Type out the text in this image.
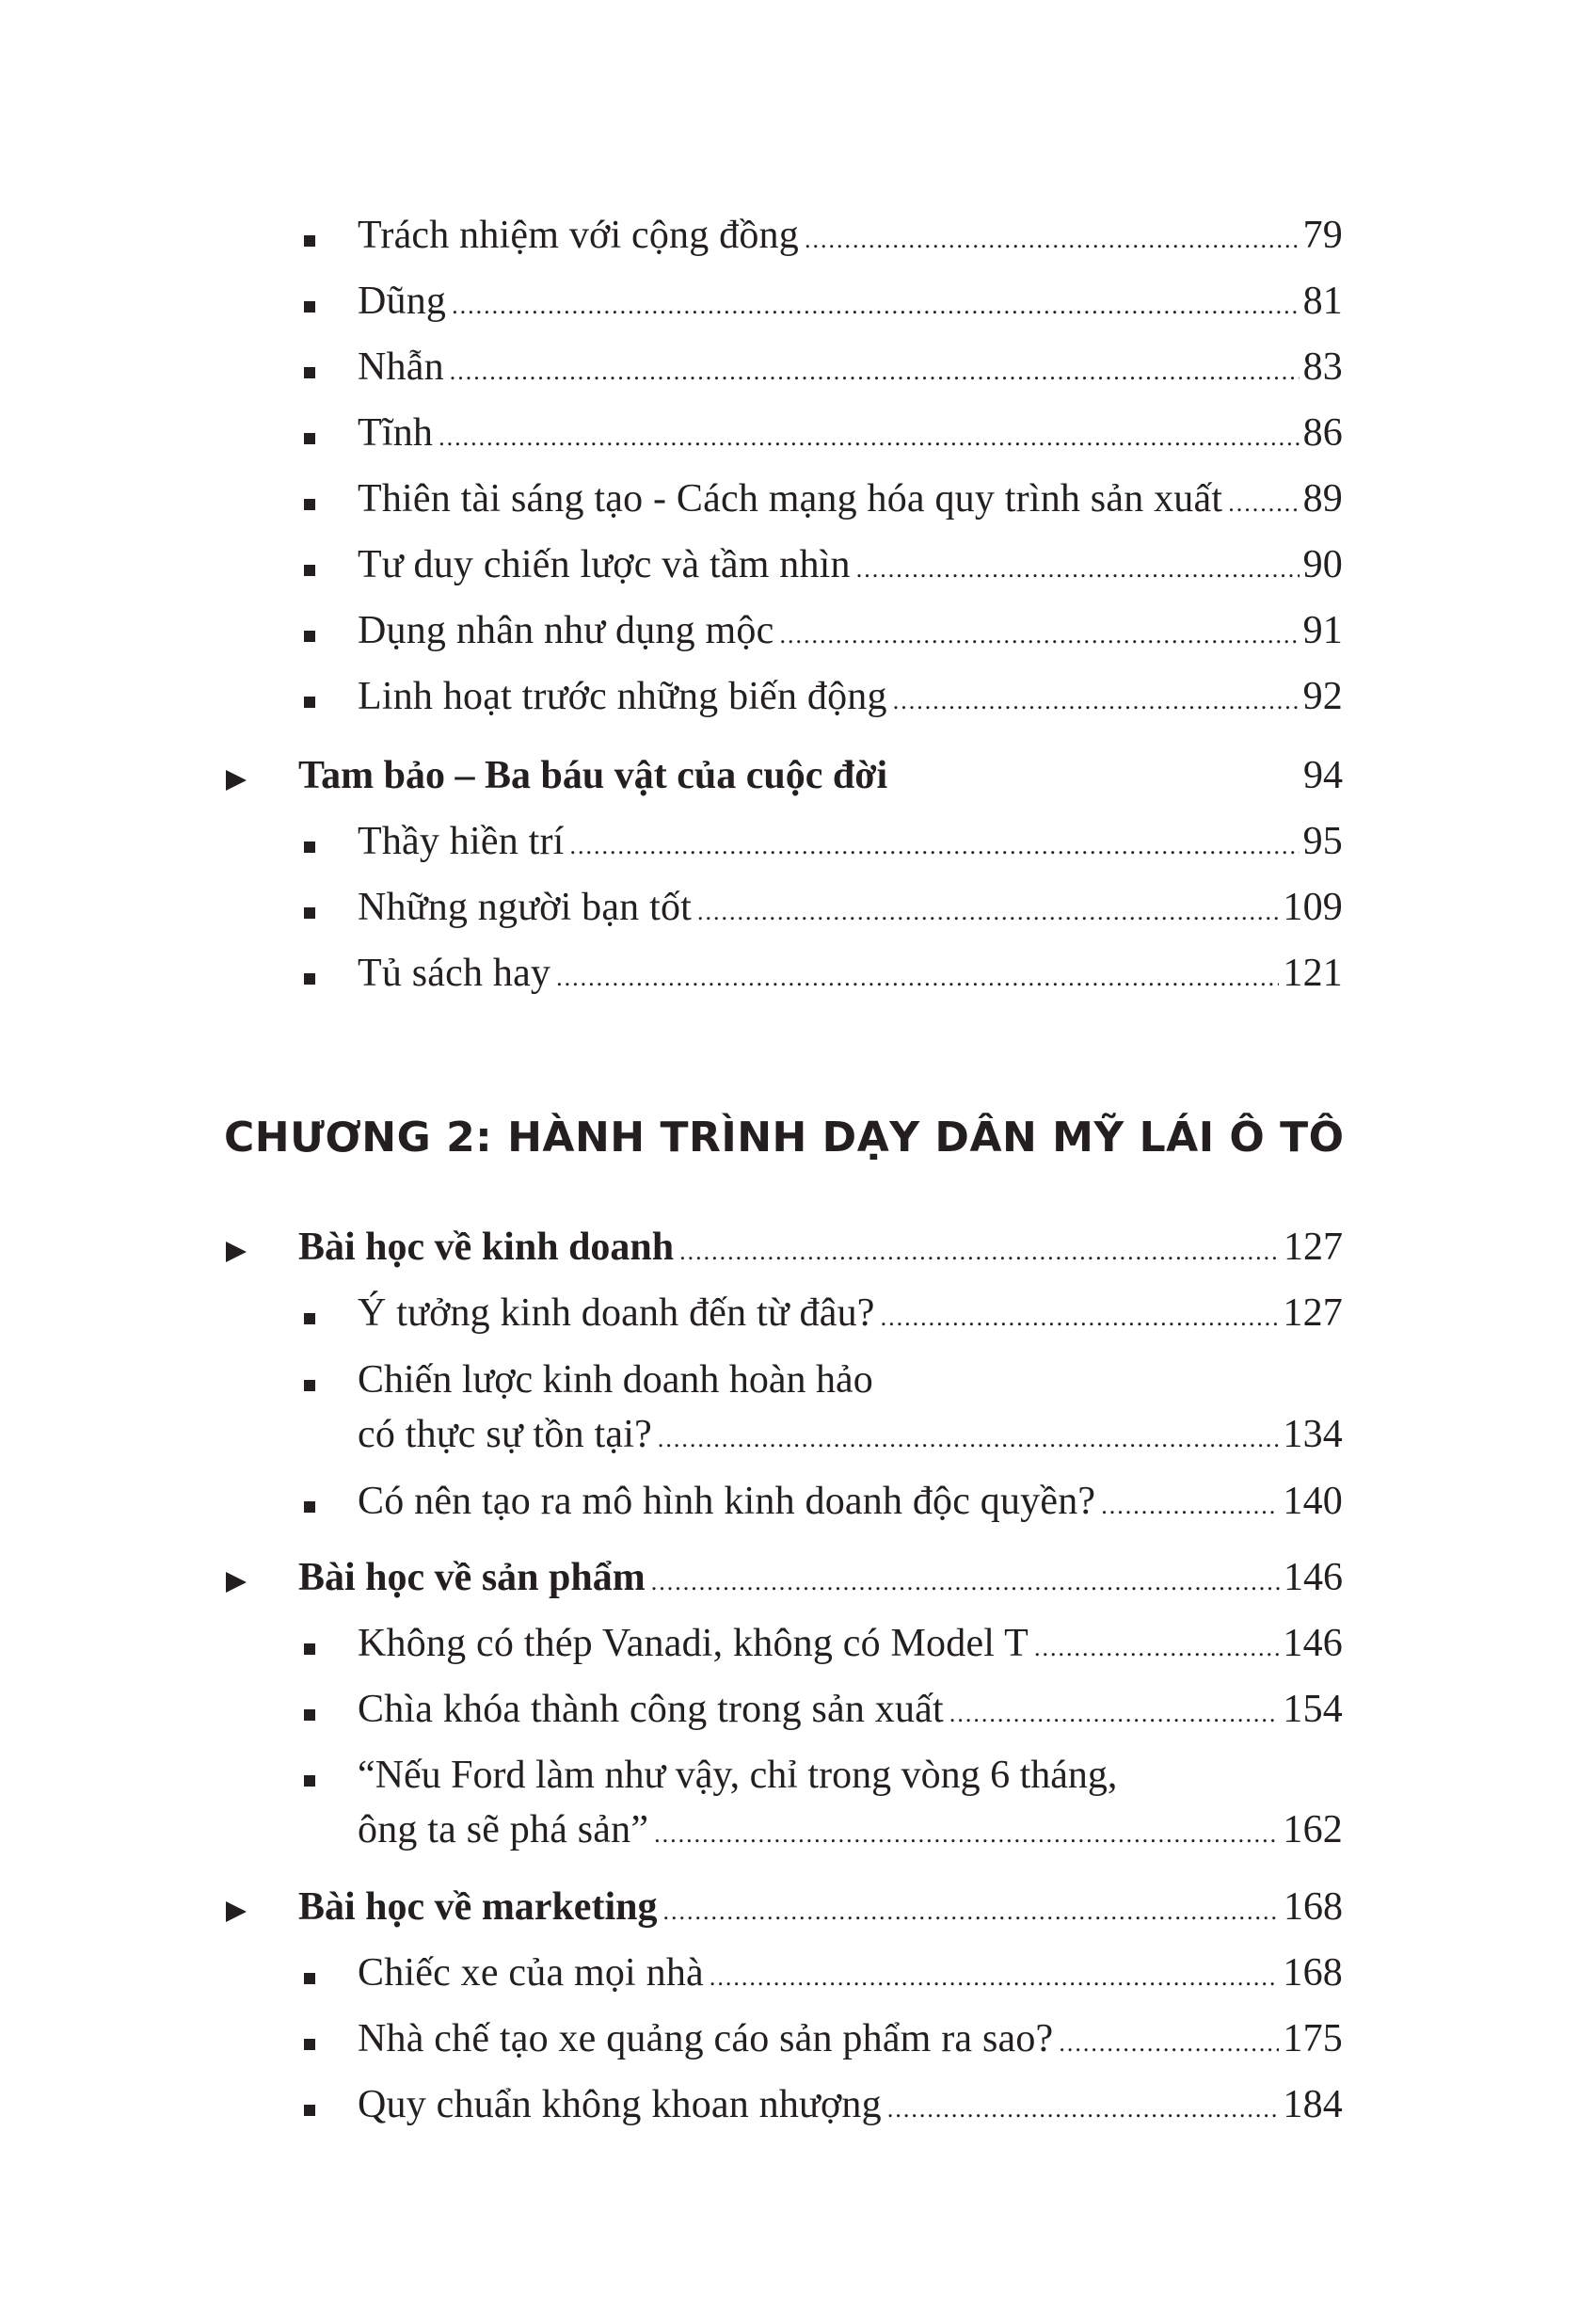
Trách nhiệm với cộng đồng .....	79
Dũng .....	81
Nhẫn .....	83
Tĩnh .....	86
Thiên tài sáng tạo - Cách mạng hóa quy trình sản xuất ..... 89
Tư duy chiến lược và tầm nhìn .....	90
Dụng nhân như dụng mộc .....	91
Linh hoạt trước những biến động .....	92
Tam bảo – Ba báu vật của cuộc đời	94
Thầy hiền trí .....	95
Những người bạn tốt .....	109
Tủ sách hay .....	121
CHƯƠNG 2: HÀNH TRÌNH DẠY DÂN MỸ LÁI Ô TÔ
Bài học về kinh doanh .....	127
Ý tưởng kinh doanh đến từ đâu? .....	127
Chiến lược kinh doanh hoàn hảo
có thực sự tồn tại? .....	134
Có nên tạo ra mô hình kinh doanh độc quyền? .....	140
Bài học về sản phẩm .....	146
Không có thép Vanadi, không có Model T .....	146
Chìa khóa thành công trong sản xuất .....	154
“Nếu Ford làm như vậy, chỉ trong vòng 6 tháng,
ông ta sẽ phá sản” .....	162
Bài học về marketing .....	168
Chiếc xe của mọi nhà .....	168
Nhà chế tạo xe quảng cáo sản phẩm ra sao? .....	175
Quy chuẩn không khoan nhượng .....	184
